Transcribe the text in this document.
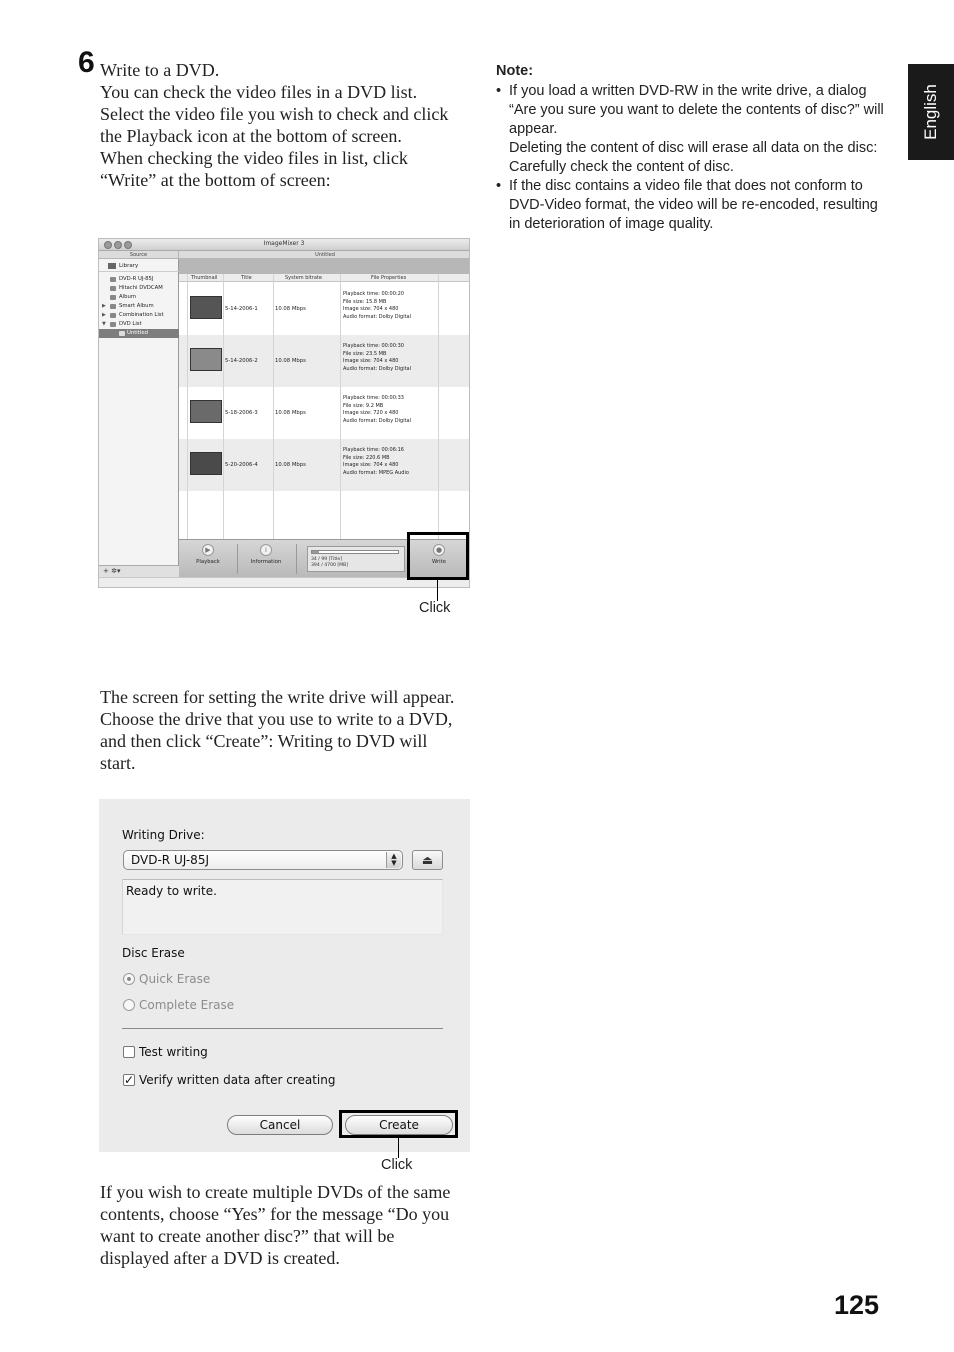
6 Write to a DVD.

You can check the video files in a DVD list. Select the video file you wish to check and click the Playback icon at the bottom of screen.

When checking the video files in list, click “Write” at the bottom of screen:

Note:
• If you load a written DVD-RW in the write drive, a dialog “Are you sure you want to delete the contents of disc?” will appear.
Deleting the content of disc will erase all data on the disc: Carefully check the content of disc.
• If the disc contains a video file that does not conform to DVD-Video format, the video will be re-encoded, resulting in deterioration of image quality.
English
ImageMixer 3
Source	Untitled
Library
DVD-R UJ-85J
Hitachi DVDCAM
Album
▶ Smart Album
▶ Combination List
▼ DVD List
Untitled
+ ✲▾
Thumbnail	Title	System bitrate	File Properties
5-14-2006-1	10.08 Mbps
Playback time: 00:00:20
File size: 15.8 MB
Image size: 704 x 480
Audio format: Dolby Digital
5-14-2006-2	10.08 Mbps
Playback time: 00:00:30
File size: 23.5 MB
Image size: 704 x 480
Audio format: Dolby Digital
5-18-2006-3	10.08 Mbps
Playback time: 00:00:33
File size: 9.2 MB
Image size: 720 x 480
Audio format: Dolby Digital
5-20-2006-4	10.08 Mbps
Playback time: 00:06:16
File size: 220.6 MB
Image size: 704 x 480
Audio format: MPEG Audio
▶
Playback
i
Information	34 / 99 [Title]
394 / 4700 [MB]
●
Write
Click
The screen for setting the write drive will appear. Choose the drive that you use to write to a DVD, and then click “Create”: Writing to DVD will start.
Writing Drive:
DVD-R UJ-85J	▲
▼	⏏
Ready to write.
Disc Erase
Quick Erase
Complete Erase
Test writing
✓ Verify written data after creating
Cancel	Create
Click
If you wish to create multiple DVDs of the same contents, choose “Yes” for the message “Do you want to create another disc?” that will be displayed after a DVD is created.
125
